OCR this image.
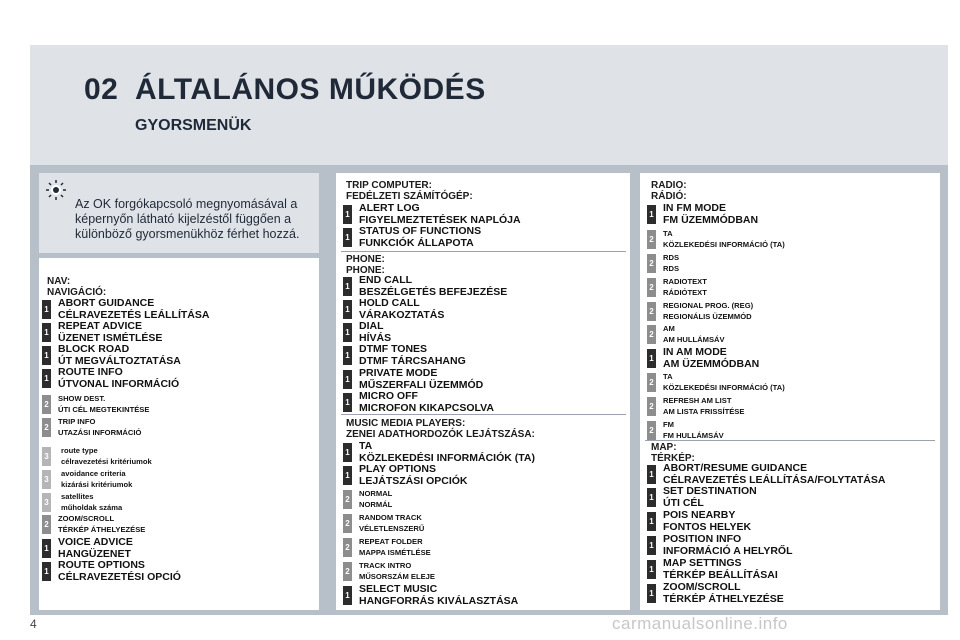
02 ÁLTALÁNOS MŰKÖDÉS
GYORSMENÜK
Az OK forgókapcsoló megnyomásával a képernyőn látható kijelzéstől függően a különböző gyorsmenükhöz férhet hozzá.
NAV:
NAVIGÁCIÓ:
TRIP COMPUTER:
FEDÉLZETI SZÁMÍTÓGÉP:
PHONE:
PHONE:
MUSIC MEDIA PLAYERS:
ZENEI ADATHORDOZÓK LEJÁTSZÁSA:
RADIO:
RÁDIÓ:
MAP:
TÉRKÉP:
1
ABORT GUIDANCE
CÉLRAVEZETÉS LEÁLLÍTÁSA
1
REPEAT ADVICE
ÜZENET ISMÉTLÉSE
1
BLOCK ROAD
ÚT MEGVÁLTOZTATÁSA
1
ROUTE INFO
ÚTVONAL INFORMÁCIÓ
2
SHOW DEST.
ÚTI CÉL MEGTEKINTÉSE
2
TRIP INFO
UTAZÁSI INFORMÁCIÓ
3
route type
célravezetési kritériumok
3
avoidance criteria
kizárási kritériumok
3
satellites
műholdak száma
2
ZOOM/SCROLL
TÉRKÉP ÁTHELYEZÉSE
1
VOICE ADVICE
HANGÜZENET
1
ROUTE OPTIONS
CÉLRAVEZETÉSI OPCIÓ
1
ALERT LOG
FIGYELMEZTETÉSEK NAPLÓJA
1
STATUS OF FUNCTIONS
FUNKCIÓK ÁLLAPOTA
1
END CALL
BESZÉLGETÉS BEFEJEZÉSE
1
HOLD CALL
VÁRAKOZTATÁS
1
DIAL
HÍVÁS
1
DTMF TONES
DTMF TÁRCSAHANG
1
PRIVATE MODE
MŰSZERFALI ÜZEMMÓD
1
MICRO OFF
MICROFON KIKAPCSOLVA
1
TA
KÖZLEKEDÉSI INFORMÁCIÓK (TA)
1
PLAY OPTIONS
LEJÁTSZÁSI OPCIÓK
2
NORMAL
NORMÁL
2
RANDOM TRACK
VÉLETLENSZERŰ
2
REPEAT FOLDER
MAPPA ISMÉTLÉSE
2
TRACK INTRO
MŰSORSZÁM ELEJE
1
SELECT MUSIC
HANGFORRÁS KIVÁLASZTÁSA
1
IN FM MODE
FM ÜZEMMÓDBAN
2
TA
KÖZLEKEDÉSI INFORMÁCIÓ (TA)
2
RDS
RDS
2
RADIOTEXT
RÁDIÓTEXT
2
REGIONAL PROG. (REG)
REGIONÁLIS ÜZEMMÓD
2
AM
AM HULLÁMSÁV
1
IN AM MODE
AM ÜZEMMÓDBAN
2
TA
KÖZLEKEDÉSI INFORMÁCIÓ (TA)
2
REFRESH AM LIST
AM LISTA FRISSÍTÉSE
2
FM
FM HULLÁMSÁV
1
ABORT/RESUME GUIDANCE
CÉLRAVEZETÉS LEÁLLÍTÁSA/FOLYTATÁSA
1
SET DESTINATION
ÚTI CÉL
1
POIS NEARBY
FONTOS HELYEK
1
POSITION INFO
INFORMÁCIÓ A HELYRŐL
1
MAP SETTINGS
TÉRKÉP BEÁLLÍTÁSAI
1
ZOOM/SCROLL
TÉRKÉP ÁTHELYEZÉSE
4	carmanualsonline.info
